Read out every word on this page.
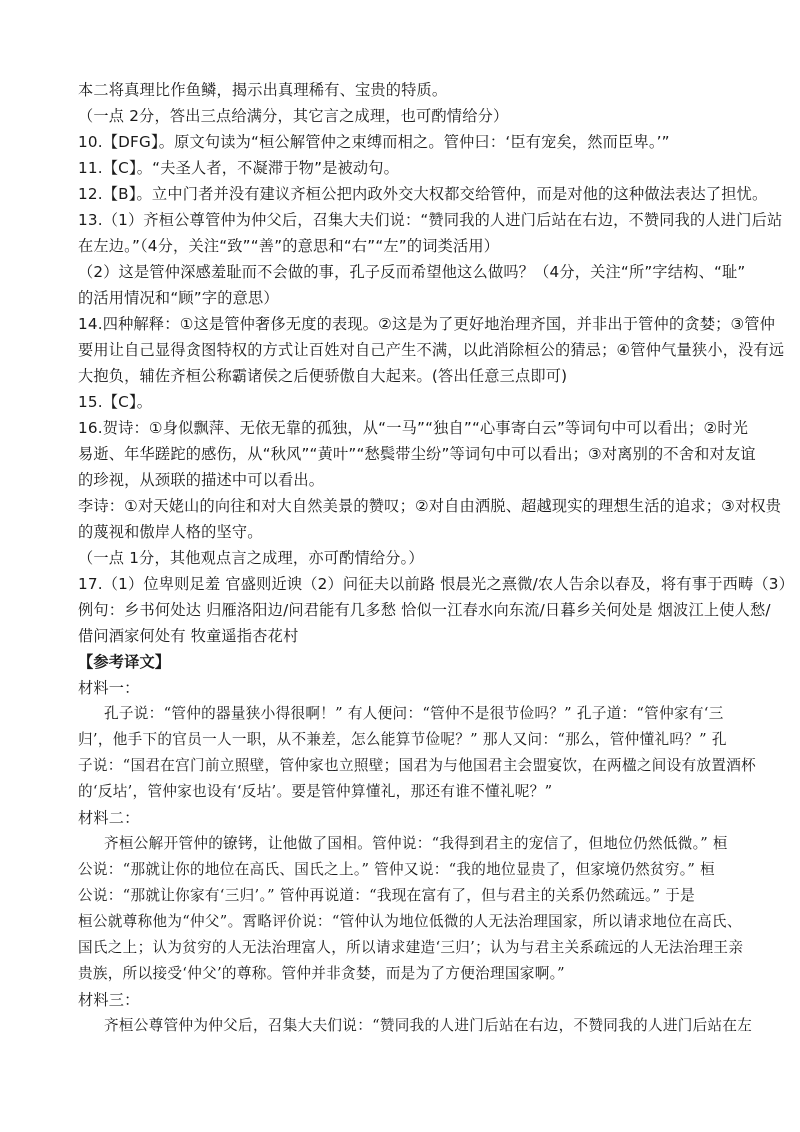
本二将真理比作鱼鳞，揭示出真理稀有、宝贵的特质。
（一点 2分，答出三点给满分，其它言之成理，也可酌情给分）
10.【DFG】。原文句读为“桓公解管仲之束缚而相之。管仲曰：‘臣有宠矣，然而臣卑。’”
11.【C】。“夫圣人者，不凝滞于物”是被动句。
12.【B】。立中门者并没有建议齐桓公把内政外交大权都交给管仲，而是对他的这种做法表达了担忧。
13.（1）齐桓公尊管仲为仲父后，召集大夫们说：“赞同我的人进门后站在右边，不赞同我的人进门后站
在左边。”（4分，关注“致”“善”的意思和“右”“左”的词类活用）
（2）这是管仲深感羞耻而不会做的事，孔子反而希望他这么做吗？（4分，关注“所”字结构、“耻”
的活用情况和“顾”字的意思）
14.四种解释：①这是管仲奢侈无度的表现。②这是为了更好地治理齐国，并非出于管仲的贪婪；③管仲
要用让自己显得贪图特权的方式让百姓对自己产生不满，以此消除桓公的猜忌；④管仲气量狭小，没有远
大抱负，辅佐齐桓公称霸诸侯之后便骄傲自大起来。(答出任意三点即可)
15.【C】。
16.贺诗：①身似飘萍、无依无靠的孤独，从“一马”“独自”“心事寄白云”等词句中可以看出；②时光
易逝、年华蹉跎的感伤，从“秋风”“黄叶”“愁鬓带尘纷”等词句中可以看出；③对离别的不舍和对友谊
的珍视，从颈联的描述中可以看出。
李诗：①对天姥山的向往和对大自然美景的赞叹；②对自由洒脱、超越现实的理想生活的追求；③对权贵
的蔑视和傲岸人格的坚守。
（一点 1分，其他观点言之成理，亦可酌情给分。）
17.（1）位卑则足羞 官盛则近谀（2）问征夫以前路 恨晨光之熹微/农人告余以春及，将有事于西畴（3）
例句：乡书何处达 归雁洛阳边/问君能有几多愁 恰似一江春水向东流/日暮乡关何处是 烟波江上使人愁/
借问酒家何处有 牧童遥指杏花村
【参考译文】
材料一：
孔子说：“管仲的器量狭小得很啊！” 有人便问：“管仲不是很节俭吗？” 孔子道：“管仲家有‘三
归’，他手下的官员一人一职，从不兼差，怎么能算节俭呢？” 那人又问：“那么，管仲懂礼吗？” 孔
子说：“国君在宫门前立照壁，管仲家也立照壁；国君为与他国君主会盟宴饮，在两楹之间设有放置酒杯
的‘反坫’，管仲家也设有‘反坫’。要是管仲算懂礼，那还有谁不懂礼呢？”
材料二：
齐桓公解开管仲的镣铐，让他做了国相。管仲说：“我得到君主的宠信了，但地位仍然低微。” 桓
公说：“那就让你的地位在高氏、国氏之上。” 管仲又说：“我的地位显贵了，但家境仍然贫穷。” 桓
公说：“那就让你家有‘三归’。” 管仲再说道：“我现在富有了，但与君主的关系仍然疏远。” 于是
桓公就尊称他为“仲父”。霄略评价说：“管仲认为地位低微的人无法治理国家，所以请求地位在高氏、
国氏之上；认为贫穷的人无法治理富人，所以请求建造‘三归’；认为与君主关系疏远的人无法治理王亲
贵族，所以接受‘仲父’的尊称。管仲并非贪婪，而是为了方便治理国家啊。”
材料三：
齐桓公尊管仲为仲父后，召集大夫们说：“赞同我的人进门后站在右边，不赞同我的人进门后站在左
